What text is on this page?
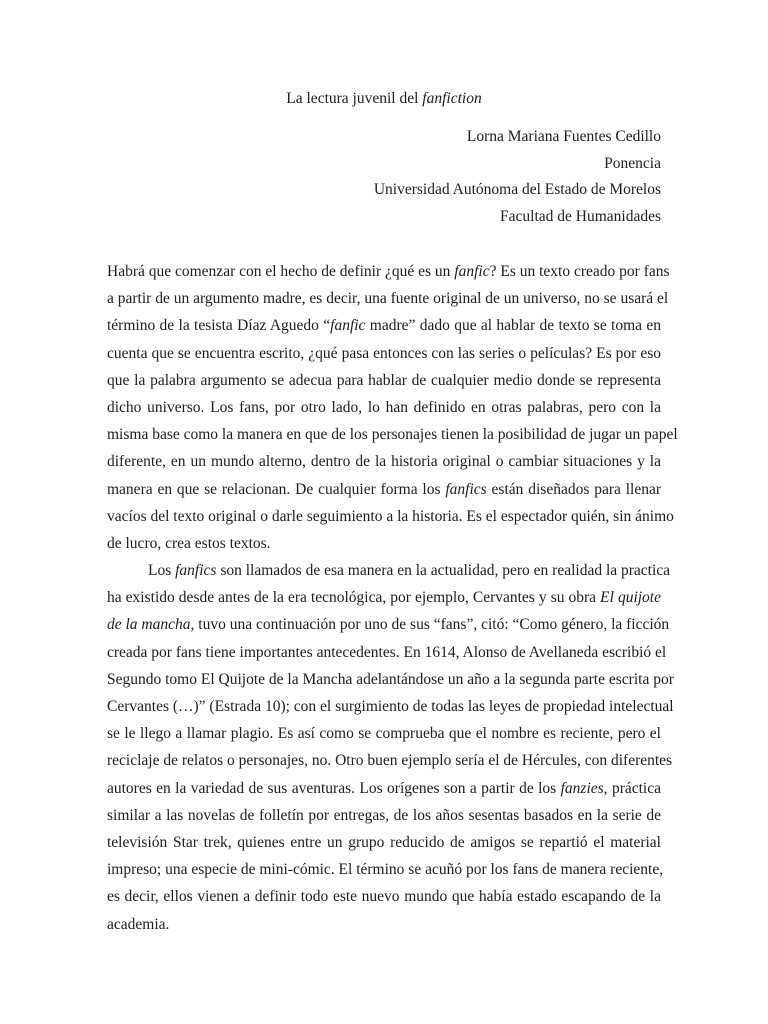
La lectura juvenil del fanfiction
Lorna Mariana Fuentes Cedillo
Ponencia
Universidad Autónoma del Estado de Morelos
Facultad de Humanidades
Habrá que comenzar con el hecho de definir ¿qué es un fanfic? Es un texto creado por fans
a partir de un argumento madre, es decir, una fuente original de un universo, no se usará el
término de la tesista Díaz Aguedo “fanfic madre” dado que al hablar de texto se toma en
cuenta que se encuentra escrito, ¿qué pasa entonces con las series o películas? Es por eso
que la palabra argumento se adecua para hablar de cualquier medio donde se representa
dicho universo. Los fans, por otro lado, lo han definido en otras palabras, pero con la
misma base como la manera en que de los personajes tienen la posibilidad de jugar un papel
diferente, en un mundo alterno, dentro de la historia original o cambiar situaciones y la
manera en que se relacionan. De cualquier forma los fanfics están diseñados para llenar
vacíos del texto original o darle seguimiento a la historia. Es el espectador quién, sin ánimo
de lucro, crea estos textos.
Los fanfics son llamados de esa manera en la actualidad, pero en realidad la practica
ha existido desde antes de la era tecnológica, por ejemplo, Cervantes y su obra El quijote
de la mancha, tuvo una continuación por uno de sus “fans”, citó: “Como género, la ficción
creada por fans tiene importantes antecedentes. En 1614, Alonso de Avellaneda escribió el
Segundo tomo El Quijote de la Mancha adelantándose un año a la segunda parte escrita por
Cervantes (…)” (Estrada 10); con el surgimiento de todas las leyes de propiedad intelectual
se le llego a llamar plagio. Es así como se comprueba que el nombre es reciente, pero el
reciclaje de relatos o personajes, no. Otro buen ejemplo sería el de Hércules, con diferentes
autores en la variedad de sus aventuras. Los orígenes son a partir de los fanzies, práctica
similar a las novelas de folletín por entregas, de los años sesentas basados en la serie de
televisión Star trek, quienes entre un grupo reducido de amigos se repartió el material
impreso; una especie de mini-cómic. El término se acuñó por los fans de manera reciente,
es decir, ellos vienen a definir todo este nuevo mundo que había estado escapando de la
academia.
